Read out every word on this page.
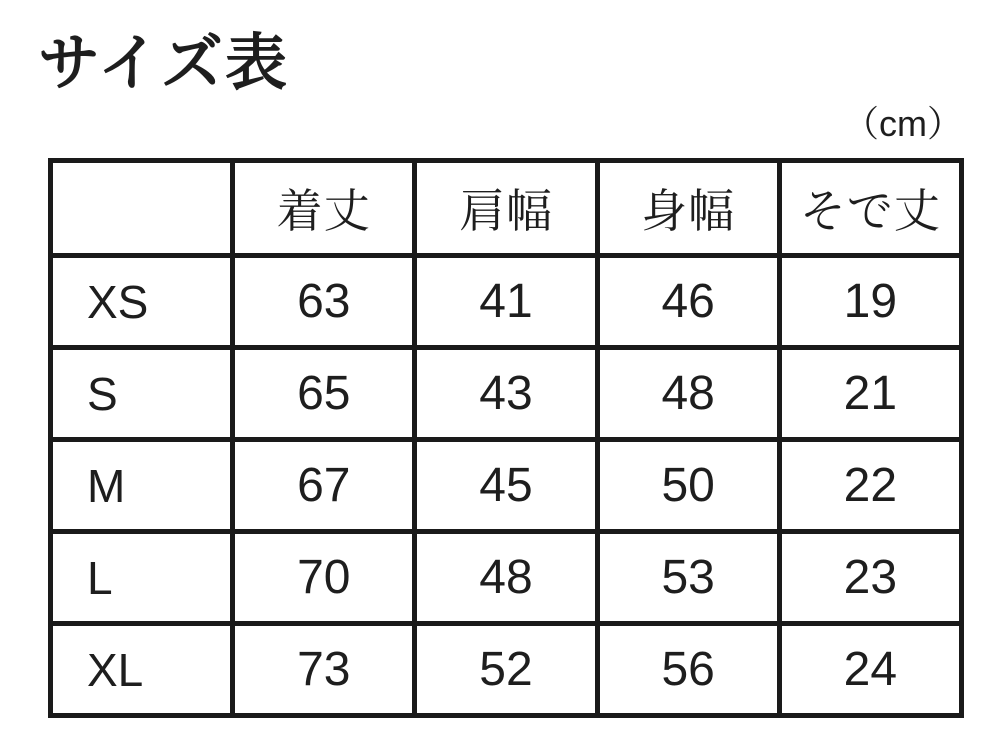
サイズ表
（cm）
	着丈	肩幅	身幅	そで丈
XS	63	41	46	19
S	65	43	48	21
M	67	45	50	22
L	70	48	53	23
XL	73	52	56	24
